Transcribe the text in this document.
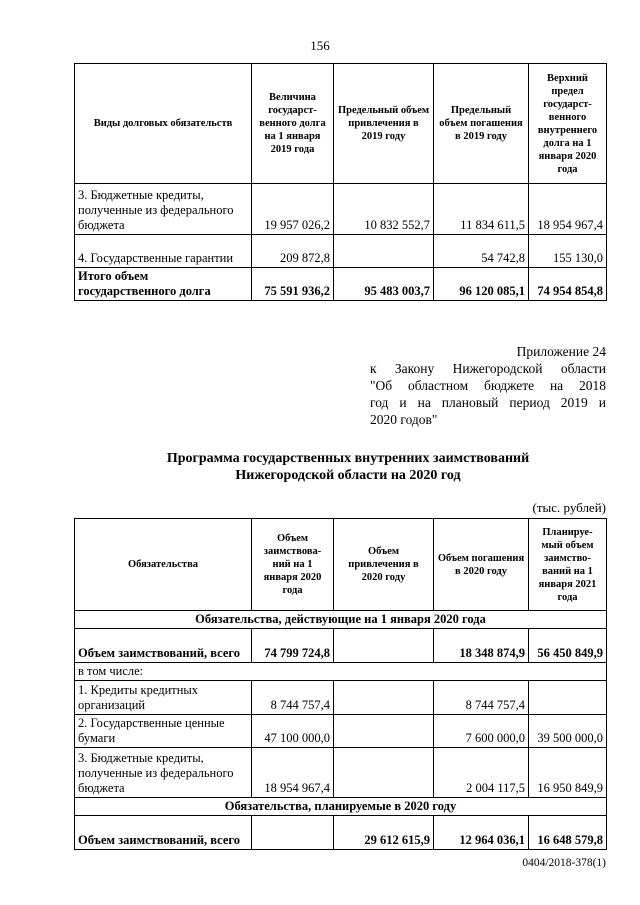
156
Виды долговых обязательств	Величина государст-венного долга на 1 января 2019 года	Предельный объем привлечения в 2019 году	Предельный объем погашения в 2019 году	Верхний предел государст-венного внутреннего долга на 1 января 2020 года
3. Бюджетные кредиты, полученные из федерального бюджета	19 957 026,2	10 832 552,7	11 834 611,5	18 954 967,4
4. Государственные гарантии	209 872,8		54 742,8	155 130,0
Итого объем государственного долга	75 591 936,2	95 483 003,7	96 120 085,1	74 954 854,8
Приложение 24
к Закону Нижегородской области
"Об областном бюджете на 2018
год и на плановый период 2019 и
2020 годов"
Программа государственных внутренних заимствований
Нижегородской области на 2020 год
(тыс. рублей)
Обязательства	Объем заимствова-ний на 1 января 2020 года	Объем привлечения в 2020 году	Объем погашения в 2020 году	Планируе-мый объем заимство-ваний на 1 января 2021 года
Обязательства, действующие на 1 января 2020 года				
Объем заимствований, всего	74 799 724,8		18 348 874,9	56 450 849,9
в том числе:				
1. Кредиты кредитных организаций	8 744 757,4		8 744 757,4	
2. Государственные ценные бумаги	47 100 000,0		7 600 000,0	39 500 000,0
3. Бюджетные кредиты, полученные из федерального бюджета	18 954 967,4		2 004 117,5	16 950 849,9
Обязательства, планируемые в 2020 году				
Объем заимствований, всего		29 612 615,9	12 964 036,1	16 648 579,8
0404/2018-378(1)
